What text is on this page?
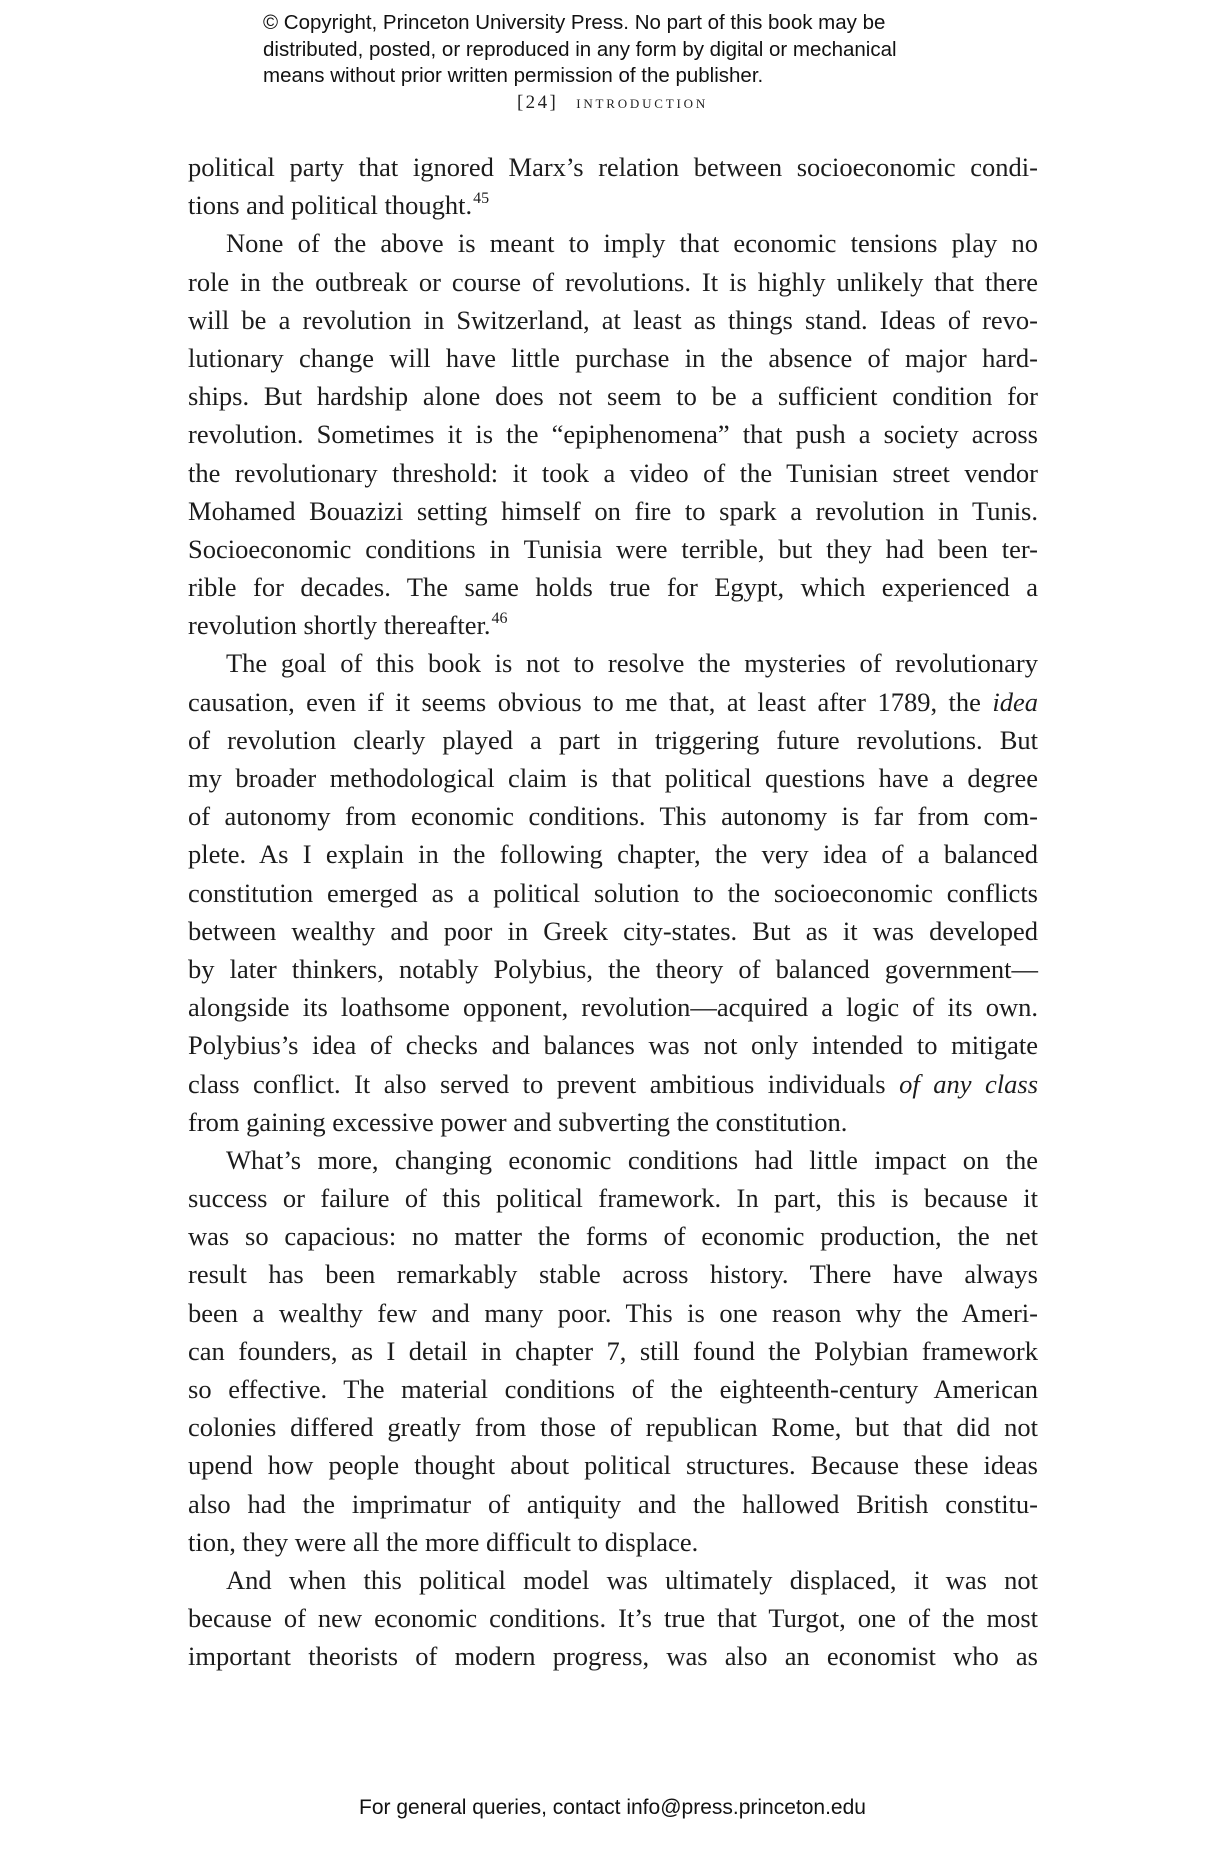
© Copyright, Princeton University Press. No part of this book may be
distributed, posted, or reproduced in any form by digital or mechanical
means without prior written permission of the publisher.
[24] introduction
political party that ignored Marx’s relation between socioeconomic condi-
tions and political thought.$^{45}$
None of the above is meant to imply that economic tensions play no
role in the outbreak or course of revolutions. It is highly unlikely that there
will be a revolution in Switzerland, at least as things stand. Ideas of revo-
lutionary change will have little purchase in the absence of major hard-
ships. But hardship alone does not seem to be a sufficient condition for
revolution. Sometimes it is the “epiphenomena” that push a society across
the revolutionary threshold: it took a video of the Tunisian street vendor
Mohamed Bouazizi setting himself on fire to spark a revolution in Tunis.
Socioeconomic conditions in Tunisia were terrible, but they had been ter-
rible for decades. The same holds true for Egypt, which experienced a
revolution shortly thereafter.$^{46}$
The goal of this book is not to resolve the mysteries of revolutionary
causation, even if it seems obvious to me that, at least after 1789, the idea
of revolution clearly played a part in triggering future revolutions. But
my broader methodological claim is that political questions have a degree
of autonomy from economic conditions. This autonomy is far from com-
plete. As I explain in the following chapter, the very idea of a balanced
constitution emerged as a political solution to the socioeconomic conflicts
between wealthy and poor in Greek city-states. But as it was developed
by later thinkers, notably Polybius, the theory of balanced government—
alongside its loathsome opponent, revolution—acquired a logic of its own.
Polybius’s idea of checks and balances was not only intended to mitigate
class conflict. It also served to prevent ambitious individuals of any class
from gaining excessive power and subverting the constitution.
What’s more, changing economic conditions had little impact on the
success or failure of this political framework. In part, this is because it
was so capacious: no matter the forms of economic production, the net
result has been remarkably stable across history. There have always
been a wealthy few and many poor. This is one reason why the Ameri-
can founders, as I detail in chapter 7, still found the Polybian framework
so effective. The material conditions of the eighteenth-century American
colonies differed greatly from those of republican Rome, but that did not
upend how people thought about political structures. Because these ideas
also had the imprimatur of antiquity and the hallowed British constitu-
tion, they were all the more difficult to displace.
And when this political model was ultimately displaced, it was not
because of new economic conditions. It’s true that Turgot, one of the most
important theorists of modern progress, was also an economist who as
For general queries, contact info@press.princeton.edu
